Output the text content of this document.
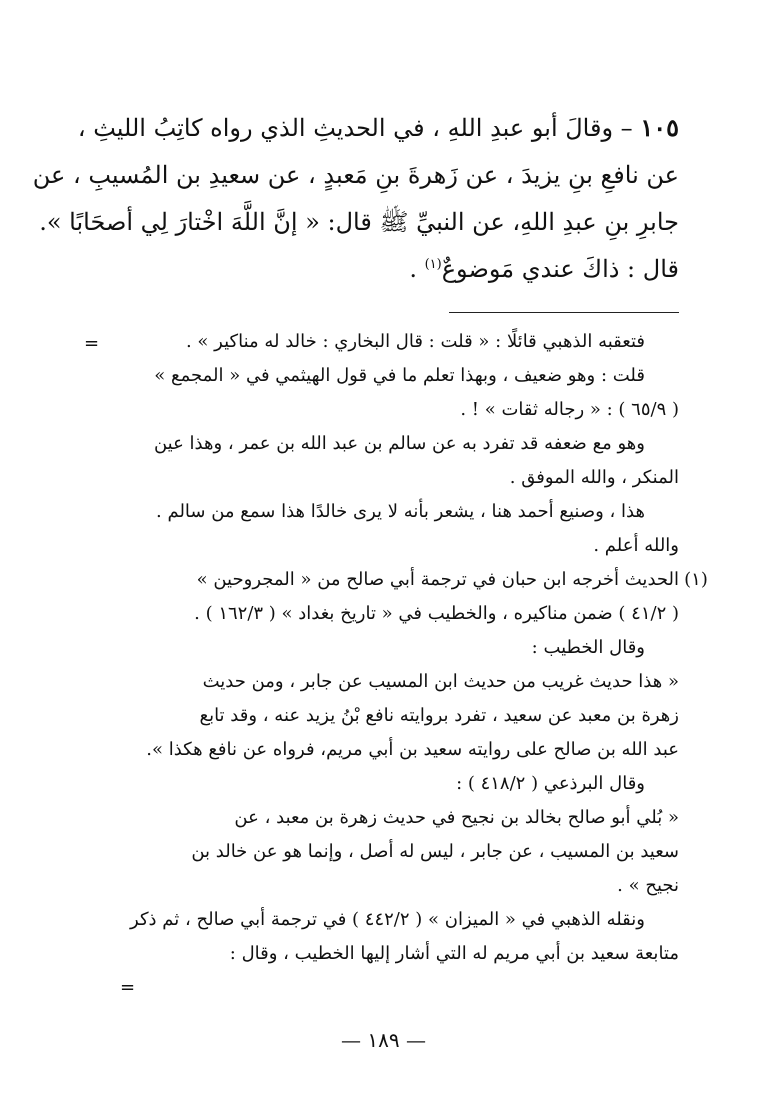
١٠٥ – وقالَ أبو عبدِ اللهِ ، في الحديثِ الذي رواه كاتِبُ الليثِ ،
عن نافعِ بنِ يزيدَ ، عن زَهرةَ بنِ مَعبدٍ ، عن سعيدِ بن المُسيبِ ، عن
جابرِ بنِ عبدِ اللهِ، عن النبيِّ ﷺ قال: « إنَّ اللَّهَ اخْتارَ لِي أصحَابًا ».
قال : ذاكَ عندي مَوضوعٌ$^{(١)}$ .
فتعقبه الذهبي قائلًا : « قلت : قال البخاري : خالد له مناكير » .
قلت : وهو ضعيف ، وبهذا تعلم ما في قول الهيثمي في « المجمع »
( ٦٥/٩ ) : « رجاله ثقات » ! .
وهو مع ضعفه قد تفرد به عن سالم بن عبد الله بن عمر ، وهذا عين
المنكر ، والله الموفق .
هذا ، وصنيع أحمد هنا ، يشعر بأنه لا يرى خالدًا هذا سمع من سالم .
والله أعلم .
(١)
الحديث أخرجه ابن حبان في ترجمة أبي صالح من « المجروحين »
( ٤١/٢ ) ضمن مناكيره ، والخطيب في « تاريخ بغداد » ( ١٦٢/٣ ) .
وقال الخطيب :
« هذا حديث غريب من حديث ابن المسيب عن جابر ، ومن حديث
زهرة بن معبد عن سعيد ، تفرد بروايته نافع بْنُ يزيد عنه ، وقد تابع
عبد الله بن صالح على روايته سعيد بن أبي مريم، فرواه عن نافع هكذا ».
وقال البرذعي ( ٤١٨/٢ ) :
« بُلي أبو صالح بخالد بن نجيح في حديث زهرة بن معبد ، عن
سعيد بن المسيب ، عن جابر ، ليس له أصل ، وإنما هو عن خالد بن
نجيح » .
ونقله الذهبي في « الميزان » ( ٤٤٢/٢ ) في ترجمة أبي صالح ، ثم ذكر
متابعة سعيد بن أبي مريم له التي أشار إليها الخطيب ، وقال :
=
=
— ١٨٩ —
